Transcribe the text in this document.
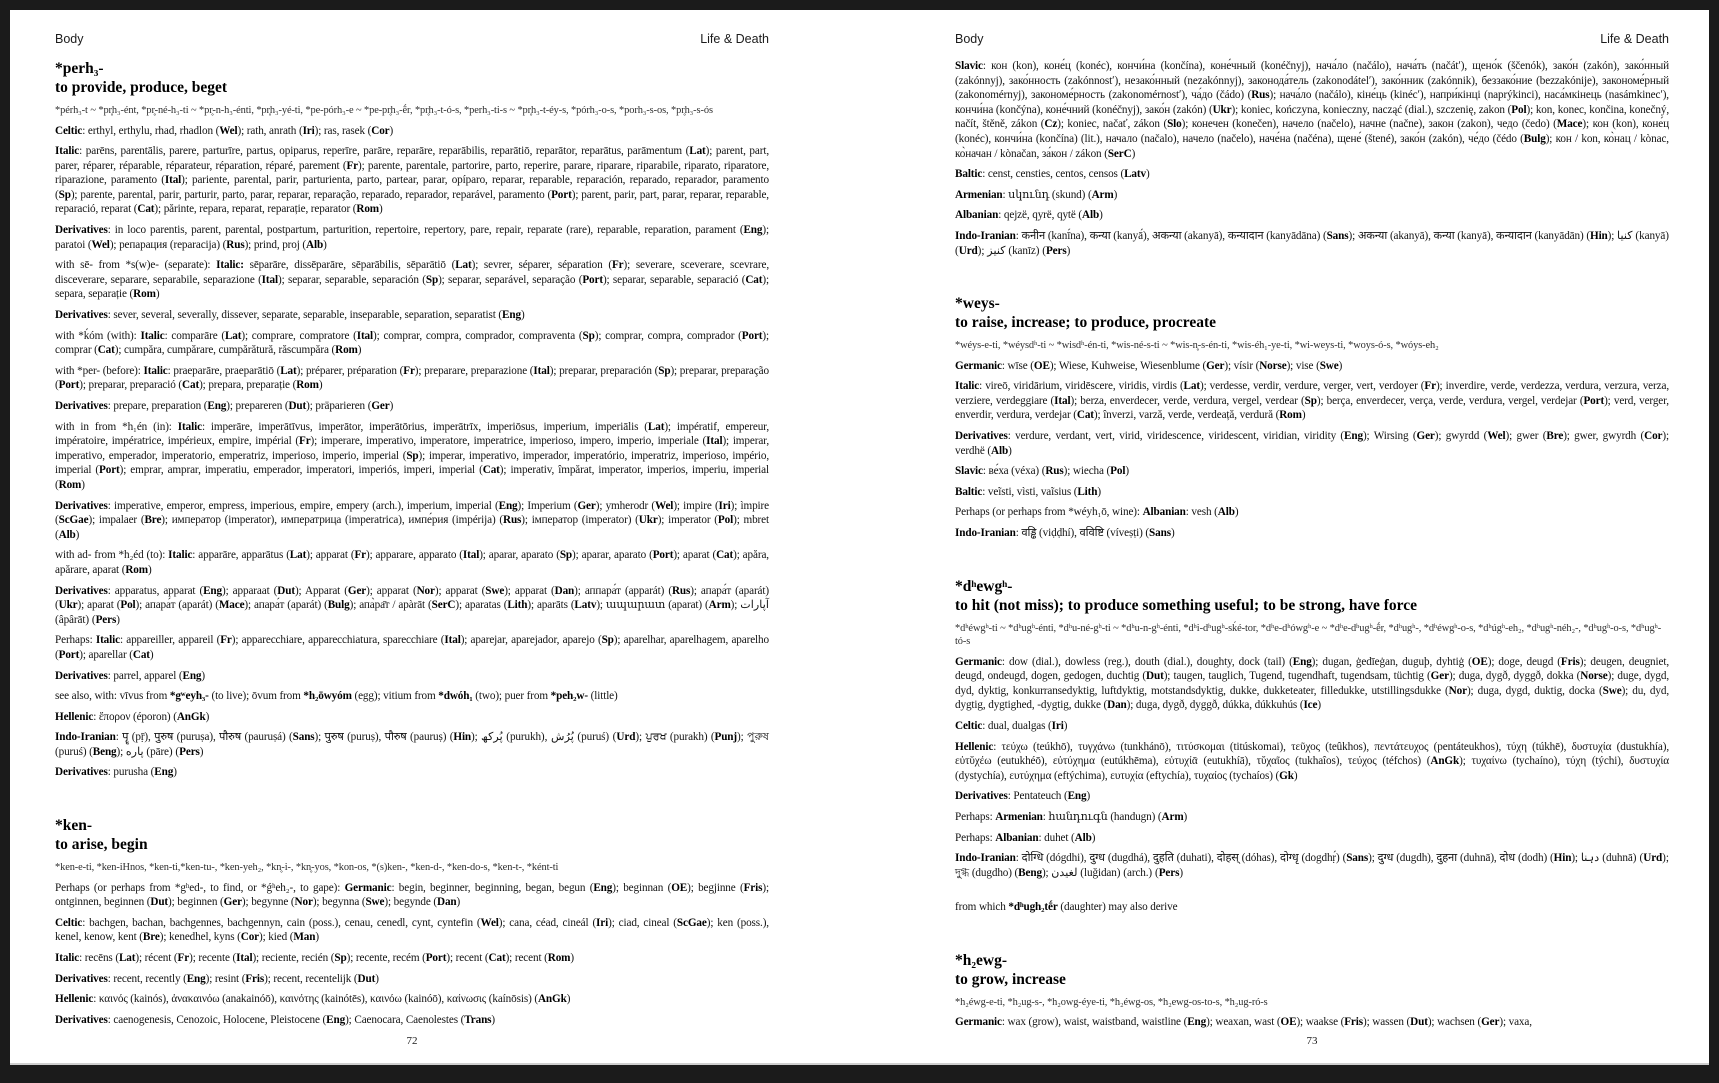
Body	Life & Death
*perh₃-
to provide, produce, beget
*pérh₃-t ~ *pr̥h₃-ént, *pr̥-né-h₃-ti ~ *pr̥-n-h₃-énti, *pr̥h₃-yé-ti, *pe-pórh₃-e ~ *pe-pr̥h₃-ḗr, *pr̥h₃-t-ó-s, *perh₃-ti-s ~ *pr̥h₃-t-éy-s, *pórh₃-o-s, *porh₃-s-os, *pr̥h₃-s-ós
Celtic: erthyl, erthylu, rhad, rhadlon (Wel); rath, anrath (Iri); ras, rasek (Cor)
Italic: parēns, parentālis, parere, parturīre, partus, opiparus, reperīre, parāre, reparāre, reparābilis, reparātiō, reparātor, reparātus, parāmentum (Lat); parent, part, parer, réparer, réparable, réparateur, réparation, réparé, parement (Fr); parente, parentale, partorire, parto, reperire, parare, riparare, riparabile, riparato, riparatore, riparazione, paramento (Ital); pariente, parental, parir, parturienta, parto, partear, parar, opíparo, reparar, reparable, reparación, reparado, reparador, paramento (Sp); parente, parental, parir, parturir, parto, parar, reparar, reparação, reparado, reparador, reparável, paramento (Port); parent, parir, part, parar, reparar, reparable, reparació, reparat (Cat); părinte, repara, reparat, reparație, reparator (Rom)
Derivatives: in loco parentis, parent, parental, postpartum, parturition, repertoire, repertory, pare, repair, reparate (rare), reparable, reparation, parament (Eng); paratoi (Wel); репарация (reparacija) (Rus); prind, proj (Alb)
with sē- from *s(w)e- (separate): Italic: sēparāre, dissēparāre, sēparābilis, sēparātiō (Lat); sevrer, séparer, séparation (Fr); severare, sceverare, scevrare, disceverare, separare, separabile, separazione (Ital); separar, separable, separación (Sp); separar, separável, separação (Port); separar, separable, separació (Cat); separa, separație (Rom)
Derivatives: sever, several, severally, dissever, separate, separable, inseparable, separation, separatist (Eng)
with *ḱóm (with): Italic: comparāre (Lat); comprare, compratore (Ital); comprar, compra, comprador, compraventa (Sp); comprar, compra, comprador (Port); comprar (Cat); cumpăra, cumpărare, cumpărătură, răscumpăra (Rom)
with *per- (before): Italic: praeparāre, praeparātiō (Lat); préparer, préparation (Fr); preparare, preparazione (Ital); preparar, preparación (Sp); preparar, preparação (Port); preparar, preparació (Cat); prepara, preparație (Rom)
Derivatives: prepare, preparation (Eng); prepareren (Dut); präparieren (Ger)
with in from *h₁én (in): Italic: imperāre, imperātīvus, imperātor, imperātōrius, imperātrīx, imperiōsus, imperium, imperiālis (Lat); impératif, empereur, impératoire, impératrice, impérieux, empire, impérial (Fr); imperare, imperativo, imperatore, imperatrice, imperioso, impero, imperio, imperiale (Ital); imperar, imperativo, emperador, imperatorio, emperatriz, imperioso, imperio, imperial (Sp); imperar, imperativo, imperador, imperatório, imperatriz, imperioso, império, imperial (Port); emprar, amprar, imperatiu, emperador, imperatori, imperiós, imperi, imperial (Cat); imperativ, împărat, imperator, imperios, imperiu, imperial (Rom)
Derivatives: imperative, emperor, empress, imperious, empire, empery (arch.), imperium, imperial (Eng); Imperium (Ger); ymherodr (Wel); impire (Iri); ìmpire (ScGae); impalaer (Bre); император (imperator), императрица (imperatrica), импе́рия (impérija) (Rus); імператор (imperator) (Ukr); imperator (Pol); mbret (Alb)
with ad- from *h₂éd (to): Italic: apparāre, apparātus (Lat); apparat (Fr); apparare, apparato (Ital); aparar, aparato (Sp); aparar, aparato (Port); aparat (Cat); apăra, apărare, aparat (Rom)
Derivatives: apparatus, apparat (Eng); apparaat (Dut); Apparat (Ger); apparat (Nor); apparat (Swe); apparat (Dan); аппара́т (apparát) (Rus); апара́т (aparát) (Ukr); aparat (Pol); апара́т (aparát) (Mace); апара́т (aparát) (Bulg); апа̀ра̄т / apàrāt (SerC); aparatas (Lith); aparāts (Latv); ապարատ (aparat) (Arm); آپارات (âpârāt) (Pers)
Perhaps: Italic: appareiller, appareil (Fr); apparecchiare, apparecchiatura, sparecchiare (Ital); aparejar, aparejador, aparejo (Sp); aparelhar, aparelhagem, aparelho (Port); aparellar (Cat)
Derivatives: parrel, apparel (Eng)
see also, with: vīvus from *gʷeyh₃- (to live); ōvum from *h₂ōwyóm (egg); vitium from *dwóh₁ (two); puer from *peh₂w- (little)
Hellenic: ἔπορον (époron) (AnGk)
Indo-Iranian: पॄ (pṝ), पुरुष (puruṣa), पौरुष (pauruṣá) (Sans); पुरुष (puruṣ), पौरुष (pauruṣ) (Hin); پُرکھ (purukh), پُرُش (puruś) (Urd); ਪੁਰਖ (purakh) (Punj); পুরুষ (puruś) (Beng); پاره (pāre) (Pers)
Derivatives: purusha (Eng)
*ken-
to arise, begin
*ken-e-ti, *ken-iHnos, *ken-ti,*ken-tu-, *ken-yeh₂, *kn̥-i-, *kn̥-yos, *kon-os, *(s)ken-, *ken-d-, *ken-do-s, *ken-t-, *ként-ti
Perhaps (or perhaps from *gʰed-, to find, or *ǵʰeh₂-, to gape): Germanic: begin, beginner, beginning, began, begun (Eng); beginnan (OE); begjinne (Fris); ontginnen, beginnen (Dut); beginnen (Ger); begynne (Nor); begynna (Swe); begynde (Dan)
Celtic: bachgen, bachan, bachgennes, bachgennyn, cain (poss.), cenau, cenedl, cynt, cyntefin (Wel); cana, céad, cineál (Iri); ciad, cineal (ScGae); ken (poss.), kenel, kenow, kent (Bre); kenedhel, kyns (Cor); kied (Man)
Italic: recēns (Lat); récent (Fr); recente (Ital); reciente, recién (Sp); recente, recém (Port); recent (Cat); recent (Rom)
Derivatives: recent, recently (Eng); resint (Fris); recent, recentelijk (Dut)
Hellenic: καινός (kainós), ἀνακαινόω (anakainóō), καινότης (kainótēs), καινόω (kainóō), καίνωσις (kaínōsis) (AnGk)
Derivatives: caenogenesis, Cenozoic, Holocene, Pleistocene (Eng); Caenocara, Caenolestes (Trans)
Body	Life & Death
Slavic: кон (kon), коне́ц (konéc), кончи́на (končína), коне́чный (konéčnyj), нача́ло (načálo), нача́ть (načátʹ), щено́к (ščenók), зако́н (zakón), зако́нный (zakónnyj), зако́нность (zakónnostʹ), незако́нный (nezakónnyj), законода́тель (zakonodátelʹ), зако́нник (zakónnik), беззако́ние (bezzakónije), закономе́рный (zakonomérnyj), закономе́рность (zakonomérnostʹ), ча́до (čádo) (Rus); нача́ло (načálo), кіне́ць (kinécʹ), напри́кінці (naprýkinci), наса́мкінець (nasámkinecʹ), кончи́на (končýna), коне́чний (konéčnyj), зако́н (zakón) (Ukr); koniec, kończyna, konieczny, nacząć (dial.), szczenię, zakon (Pol); kon, konec, končina, konečný, načít, štěně, zákon (Cz); koniec, načať, zákon (Slo); конечен (konečen), начело (načelo), начне (načne), закон (zakon), чедо (čedo) (Mace); кон (kon), коне́ц (konéc), кончи́на (končína) (lit.), начало (načalo), начело (načelo), наче́на (načéna), щене́ (štené), зако́н (zakón), че́до (čédo (Bulg); кон / kon, ко̀нац / kònac, ко̀начан / kònačan, за́кон / zákon (SerC)
Baltic: censt, censties, centos, censos (Latv)
Armenian: սկունդ (skund) (Arm)
Albanian: qejzë, qyrë, qytë (Alb)
Indo-Iranian: कनीन (kanī́na), कन्या (kanyā́), अकन्या (akanyā), कन्यादान (kanyādāna) (Sans); अकन्या (akanyā), कन्या (kanyā), कन्यादान (kanyādān) (Hin); کنیا (kanyā) (Urd); کنیز (kanīz) (Pers)
*weys-
to raise, increase; to produce, procreate
*wéys-e-ti, *wéysdʰ-ti ~ *wisdʰ-én-ti, *wis-né-s-ti ~ *wis-n̥-s-én-ti, *wis-éh₁-ye-ti, *wi-weys-ti, *woys-ó-s, *wóys-eh₂
Germanic: wīse (OE); Wiese, Kuhweise, Wiesenblume (Ger); vísir (Norse); vise (Swe)
Italic: vireō, viridārium, viridēscere, viridis, virdis (Lat); verdesse, verdir, verdure, verger, vert, verdoyer (Fr); inverdire, verde, verdezza, verdura, verzura, verza, verziere, verdeggiare (Ital); berza, enverdecer, verde, verdura, vergel, verdear (Sp); berça, enverdecer, verça, verde, verdura, vergel, verdejar (Port); verd, verger, enverdir, verdura, verdejar (Cat); înverzi, varză, verde, verdeață, verdură (Rom)
Derivatives: verdure, verdant, vert, virid, viridescence, viridescent, viridian, viridity (Eng); Wirsing (Ger); gwyrdd (Wel); gwer (Bre); gwer, gwyrdh (Cor); verdhë (Alb)
Slavic: ве́ха (véxa) (Rus); wiecha (Pol)
Baltic: veĩsti, vìsti, vaĩsius (Lith)
Perhaps (or perhaps from *wéyh₁ō, wine): Albanian: vesh (Alb)
Indo-Iranian: वड्ढि (viḍḍhí), वविष्टि (víveṣṭi) (Sans)
*dʰewgʰ-
to hit (not miss); to produce something useful; to be strong, have force
*dʰéwgʰ-ti ~ *dʰugʰ-énti, *dʰu-né-gʰ-ti ~ *dʰu-n-gʰ-énti, *dʰi-dʰugʰ-sḱé-tor, *dʰe-dʰówgʰ-e ~ *dʰe-dʰugʰ-ḗr, *dʰugʰ-, *dʰéwgʰ-o-s, *dʰúgʰ-eh₂, *dʰugʰ-néh₂-, *dʰugʰ-o-s, *dʰugʰ-tó-s
Germanic: dow (dial.), dowless (reg.), douth (dial.), doughty, dock (tail) (Eng); dugan, ġedīeġan, duguþ, dyhtiġ (OE); doge, deugd (Fris); deugen, deugniet, deugd, ondeugd, dogen, gedogen, duchtig (Dut); taugen, tauglich, Tugend, tugendhaft, tugendsam, tüchtig (Ger); duga, dygð, dyggð, dokka (Norse); duge, dygd, dyd, dyktig, konkurransedyktig, luftdyktig, motstandsdyktig, dukke, dukketeater, filledukke, utstillingsdukke (Nor); duga, dygd, duktig, docka (Swe); du, dyd, dygtig, dygtighed, -dygtig, dukke (Dan); duga, dygð, dyggð, dúkka, dúkkuhús (Ice)
Celtic: dual, dualgas (Iri)
Hellenic: τεύχω (teúkhō), τυγχάνω (tunkhánō), τιτύσκομαι (titúskomai), τεῦχος (teûkhos), πεντάτευχος (pentáteukhos), τύχη (túkhē), δυστυχία (dustukhía), εὐτῠχέω (eutukhéō), εὐτύχημα (eutúkhēma), εὐτυχίᾱ (eutukhíā), τῠχαῖος (tukhaîos), τεύχος (téfchos) (AnGk); τυχαίνω (tychaíno), τύχη (týchi), δυστυχία (dystychía), ευτύχημα (eftýchima), ευτυχία (eftychía), τυχαίος (tychaíos) (Gk)
Derivatives: Pentateuch (Eng)
Perhaps: Armenian: հանդուգն (handugn) (Arm)
Perhaps: Albanian: duhet (Alb)
Indo-Iranian: दोग्धि (dógdhi), दुग्ध (dugdhá), दुहति (duhati), दोहस् (dóhas), दोग्धृ (dogdhṛ́) (Sans); दुग्ध (dugdh), दुहना (duhnā), दोध (dodh) (Hin); دہنا (duhnā) (Urd); দুগ্ধ (dugdho) (Beng); لغیدن (luğidan) (arch.) (Pers)
from which *dʰugh₂tḗr (daughter) may also derive
*h₂ewg-
to grow, increase
*h₂éwg-e-ti, *h₂ug-s-, *h₂owg-éye-ti, *h₂éwg-os, *h₂ewg-os-to-s, *h₂ug-ró-s
Germanic: wax (grow), waist, waistband, waistline (Eng); weaxan, wast (OE); waakse (Fris); wassen (Dut); wachsen (Ger); vaxa,
72	73
